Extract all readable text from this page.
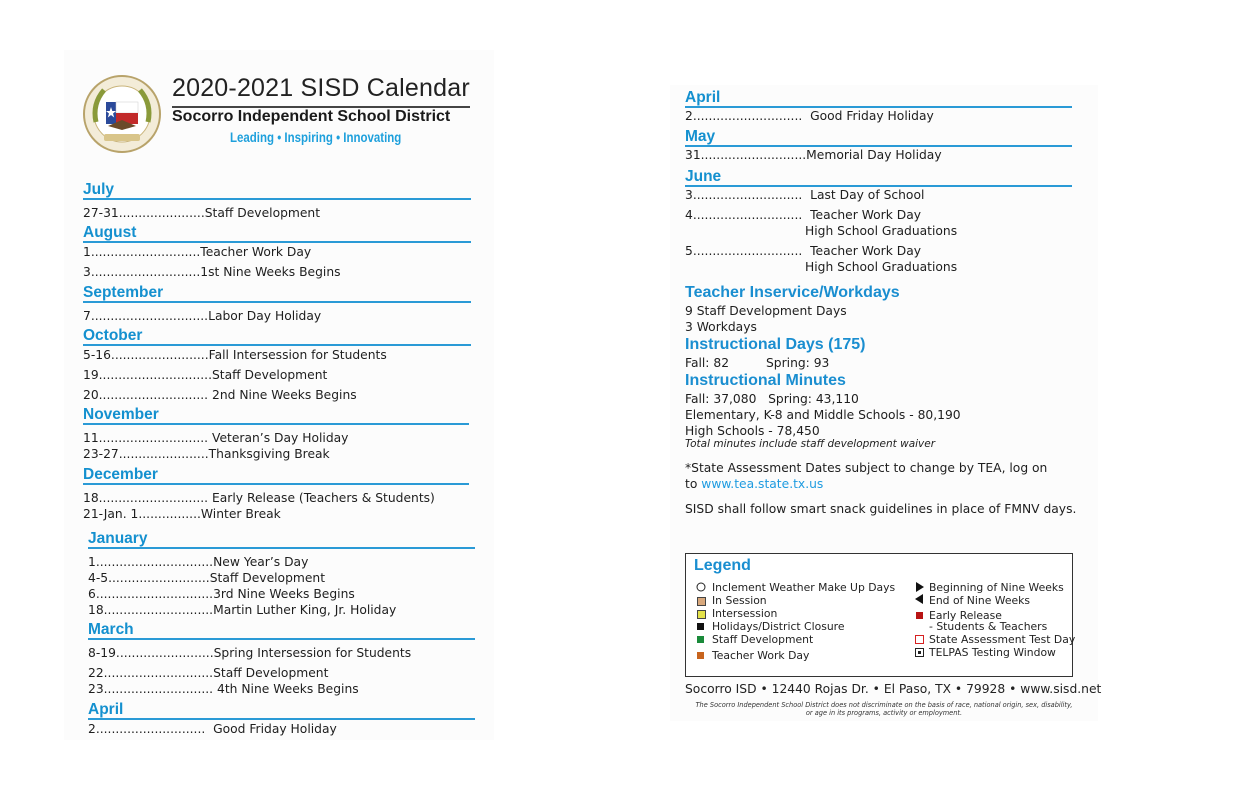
2020-2021 SISD Calendar
Socorro Independent School District
Leading • Inspiring • Innovating
July
27-31......................Staff Development
August
1............................Teacher Work Day
3............................1st Nine Weeks Begins
September
7..............................Labor Day Holiday
October
5-16.........................Fall Intersession for Students
19.............................Staff Development
20............................ 2nd Nine Weeks Begins
November
11............................ Veteran’s Day Holiday
23-27.......................Thanksgiving Break
December
18............................ Early Release (Teachers & Students)
21-Jan. 1................Winter Break
January
1..............................New Year’s Day
4-5..........................Staff Development
6..............................3rd Nine Weeks Begins
18............................Martin Luther King, Jr. Holiday
March
8-19.........................Spring Intersession for Students
22............................Staff Development
23............................ 4th Nine Weeks Begins
April
2............................  Good Friday Holiday
April
2............................  Good Friday Holiday
May
31...........................Memorial Day Holiday
June
3............................  Last Day of School
4............................  Teacher Work Day
High School Graduations
5............................  Teacher Work Day
High School Graduations
Teacher Inservice/Workdays
9 Staff Development Days
3 Workdays
Instructional Days (175)
Fall: 82	Spring: 93
Instructional Minutes
Fall: 37,080   Spring: 43,110
Elementary, K-8 and Middle Schools - 80,190
High Schools - 78,450
Total minutes include staff development waiver
*State Assessment Dates subject to change by TEA, log on
to www.tea.state.tx.us
SISD shall follow smart snack guidelines in place of FMNV days.
Legend
Inclement Weather Make Up Days
In Session
Intersession
Holidays/District Closure
Staff Development
Teacher Work Day
Beginning of Nine Weeks
End of Nine Weeks
Early Release
- Students & Teachers
State Assessment Test Day
TELPAS Testing Window
Socorro ISD • 12440 Rojas Dr. • El Paso, TX • 79928 • www.sisd.net
The Socorro Independent School District does not discriminate on the basis of race, national origin, sex, disability,
or age in its programs, activity or employment.
